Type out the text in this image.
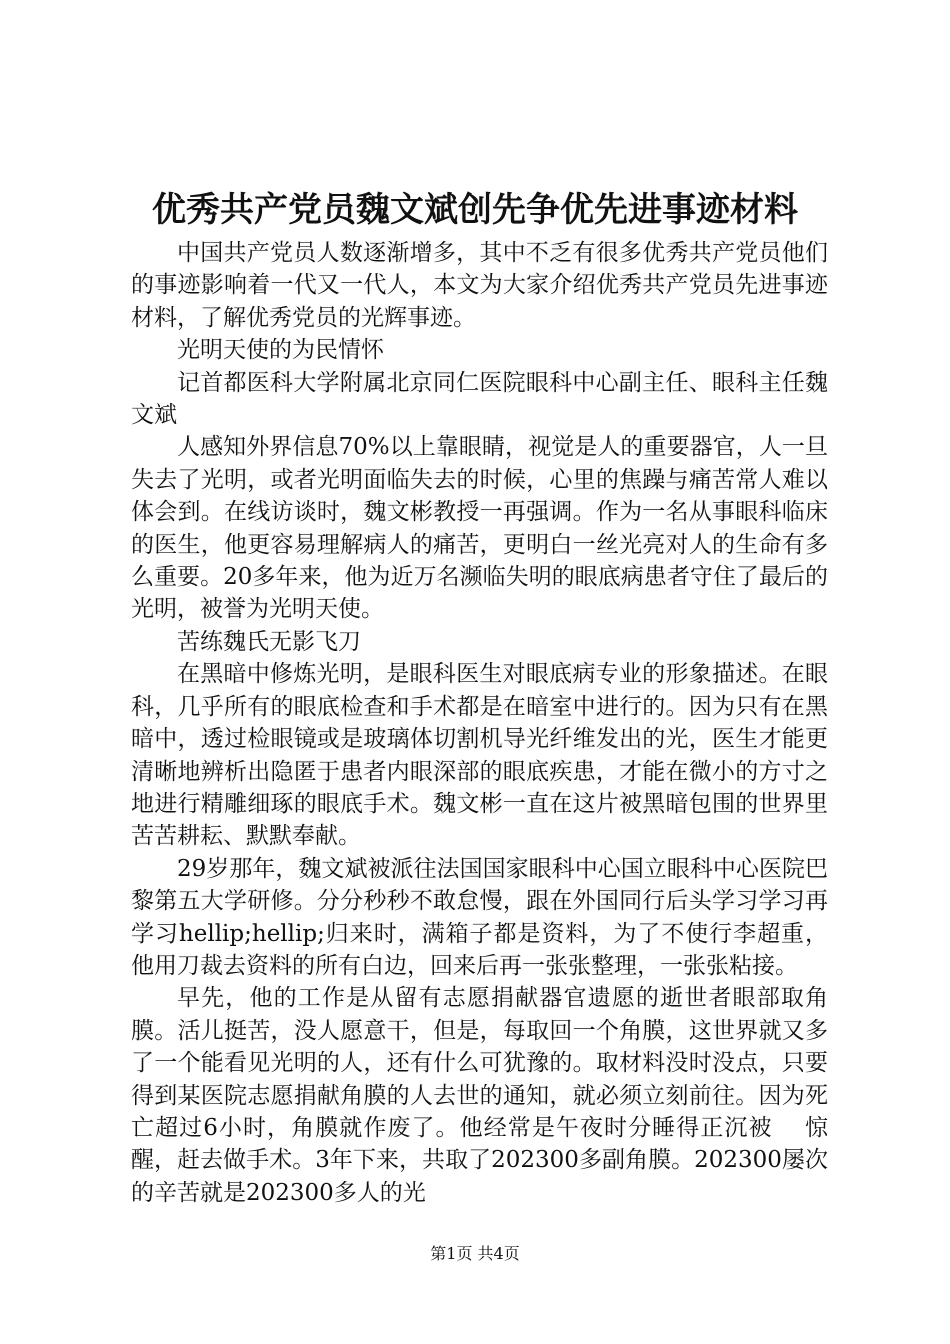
优秀共产党员魏文斌创先争优先进事迹材料

中国共产党员人数逐渐增多，其中不乏有很多优秀共产党员他们的事迹影响着一代又一代人，本文为大家介绍优秀共产党员先进事迹材料，了解优秀党员的光辉事迹。

光明天使的为民情怀

记首都医科大学附属北京同仁医院眼科中心副主任、眼科主任魏文斌

人感知外界信息70%以上靠眼睛，视觉是人的重要器官，人一旦失去了光明，或者光明面临失去的时候，心里的焦躁与痛苦常人难以体会到。在线访谈时，魏文彬教授一再强调。作为一名从事眼科临床的医生，他更容易理解病人的痛苦，更明白一丝光亮对人的生命有多么重要。20多年来，他为近万名濒临失明的眼底病患者守住了最后的光明，被誉为光明天使。

苦练魏氏无影飞刀

在黑暗中修炼光明，是眼科医生对眼底病专业的形象描述。在眼科，几乎所有的眼底检查和手术都是在暗室中进行的。因为只有在黑暗中，透过检眼镜或是玻璃体切割机导光纤维发出的光，医生才能更清晰地辨析出隐匿于患者内眼深部的眼底疾患，才能在微小的方寸之地进行精雕细琢的眼底手术。魏文彬一直在这片被黑暗包围的世界里苦苦耕耘、默默奉献。

29岁那年，魏文斌被派往法国国家眼科中心国立眼科中心医院巴黎第五大学研修。分分秒秒不敢怠慢，跟在外国同行后头学习学习再学习hellip;hellip;归来时，满箱子都是资料，为了不使行李超重，他用刀裁去资料的所有白边，回来后再一张张整理，一张张粘接。

早先，他的工作是从留有志愿捐献器官遗愿的逝世者眼部取角膜。活儿挺苦，没人愿意干，但是，每取回一个角膜，这世界就又多了一个能看见光明的人，还有什么可犹豫的。取材料没时没点，只要得到某医院志愿捐献角膜的人去世的通知，就必须立刻前往。因为死亡超过6小时，角膜就作废了。他经常是午夜时分睡得正沉被　 惊醒，赶去做手术。3年下来，共取了202300多副角膜。202300屡次的辛苦就是202300多人的光

第1页 共4页
